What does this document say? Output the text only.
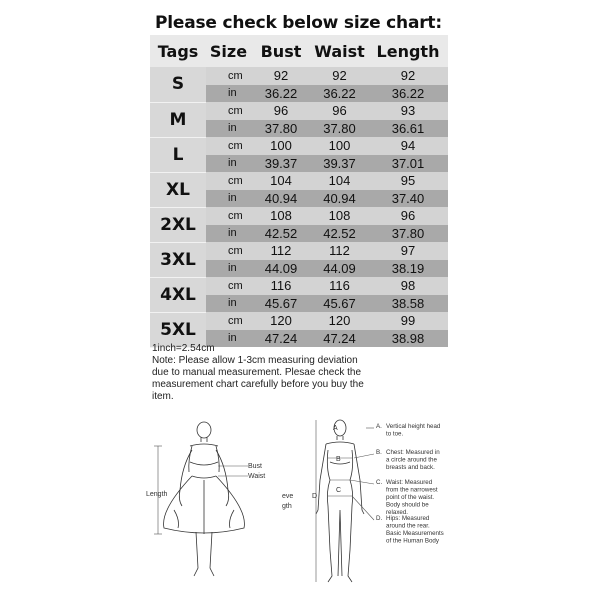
Please check below size chart:
Tags	Size	Bust	Waist	Length
S	cm	92	92	92
	in	36.22	36.22	36.22
M	cm	96	96	93
	in	37.80	37.80	36.61
L	cm	100	100	94
	in	39.37	39.37	37.01
XL	cm	104	104	95
	in	40.94	40.94	37.40
2XL	cm	108	108	96
	in	42.52	42.52	37.80
3XL	cm	112	112	97
	in	44.09	44.09	38.19
4XL	cm	116	116	98
	in	45.67	45.67	38.58
5XL	cm	120	120	99
	in	47.24	47.24	38.98
1inch=2.54cm
Note: Please allow 1-3cm measuring deviation
due to manual measurement. Plesae check the
measurement chart carefully before you buy the
item.
Bust
Waist
Length	eve
gth
A
B
C
D
A. Vertical height head
to toe.
B. Chest: Measured in
a circle around the
breasts and back.
C. Waist: Measured
from the narrowest
point of the waist.
Body should be
relaxed.
D. Hips: Measured
around the rear.
Basic Measurements
of the Human Body
